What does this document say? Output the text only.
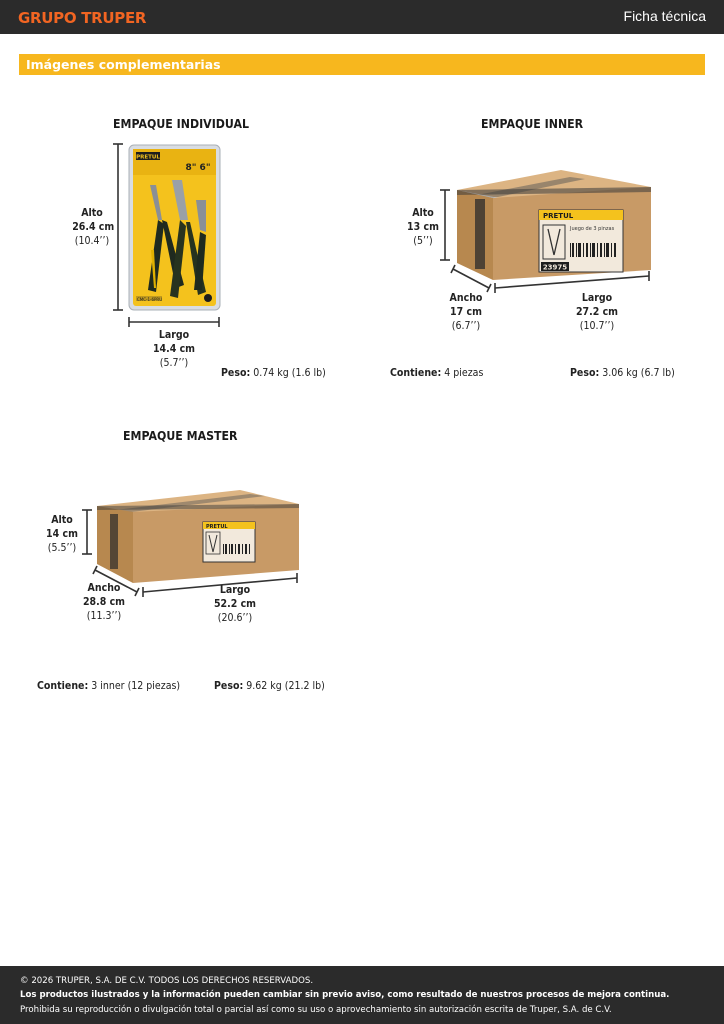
GRUPO TRUPER	Ficha técnica
Imágenes complementarias
EMPAQUE INDIVIDUAL
PRETUL
8" 6"
CMC-1-6PRU
Alto
26.4 cm
(10.4’’)
Largo
14.4 cm
(5.7’’)
Peso: 0.74 kg (1.6 lb)
EMPAQUE INNER
PRETUL
Juego de 3 pinzas
23975
Alto
13 cm
(5’’)
Ancho
17 cm
(6.7’’)
Largo
27.2 cm
(10.7’’)
Contiene: 4 piezas	Peso: 3.06 kg (6.7 lb)
EMPAQUE MASTER
PRETUL
Alto
14 cm
(5.5’’)
Ancho
28.8 cm
(11.3’’)
Largo
52.2 cm
(20.6’’)
Contiene: 3 inner (12 piezas)	Peso: 9.62 kg (21.2 lb)
© 2026 TRUPER, S.A. DE C.V. TODOS LOS DERECHOS RESERVADOS.
Los productos ilustrados y la información pueden cambiar sin previo aviso, como resultado de nuestros procesos de mejora continua.
Prohibida su reproducción o divulgación total o parcial así como su uso o aprovechamiento sin autorización escrita de Truper, S.A. de C.V.
